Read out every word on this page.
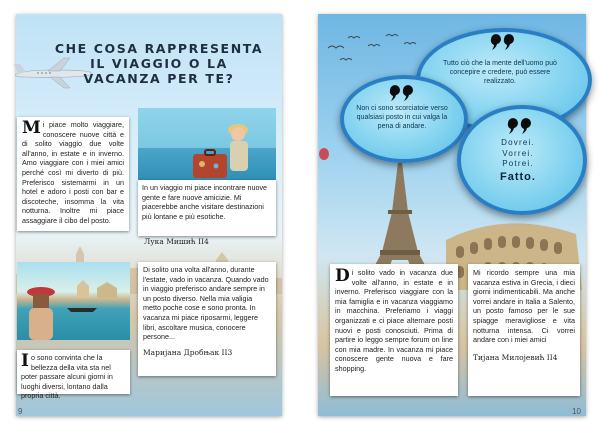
CHE COSA RAPPRESENTA
IL VIAGGIO O LA
VACANZA PER TE?
Mi piace molto viaggiare, conoscere nuove città e di solito viaggio due volte all'anno, in estate e in inverno. Amo viaggiare con i miei amici perché così mi diverto di più. Preferisco sistemarmi in un hotel e adoro i posti con bar e discoteche, insomma la vita notturna. Inoltre mi piace assaggiare il cibo del posto.
In un viaggio mi piace incontrare nuove gente e fare nuove amicizie. Mi piacerebbe anche visitare destinazioni più lontane e più esotiche.
Лука Мишић II4
Di solito una volta all'anno, durante l'estate, vado in vacanza. Quando vado in viaggio preferisco andare sempre in un posto diverso. Nella mia valigia metto poche cose e sono pronta. In vacanza mi piace riposarmi, leggere libri, ascoltare musica, conocere persone...
Маријана Дробњак II3
Io sono convinta che la bellezza della vita sta nel poter passare alcuni giorni in luoghi diversi, lontano dalla propria città.
9
Tutto ciò che la mente dell'uomo può concepire e credere, può essere realizzato.
Non ci sono scorciatoie verso qualsiasi posto in cui valga la pena di andare.
Dovrei.
Vorrei.
Potrei.
Fatto.
Di solito vado in vacanza due volte all'anno, in estate e in inverno. Preferisco viaggiare con la mia famiglia e in vacanza viaggiamo in macchina. Preferiamo i viaggi organizzati e ci piace alternare posti nuovi e posti conosciuti. Prima di partire io leggo sempre forum on line con mia madre. In vacanza mi piace conoscere gente nuova e fare shopping.
Mi ricordo sempre una mia vacanza estiva in Grecia, i dieci giorni indimenticabili. Ma anche vorrei andare in Italia a Salento, un posto famoso per le sue spiagge meravigliose e vita notturna intensa. Ci vorrei andare con i miei amici
Тијана Милојевић II4
10
